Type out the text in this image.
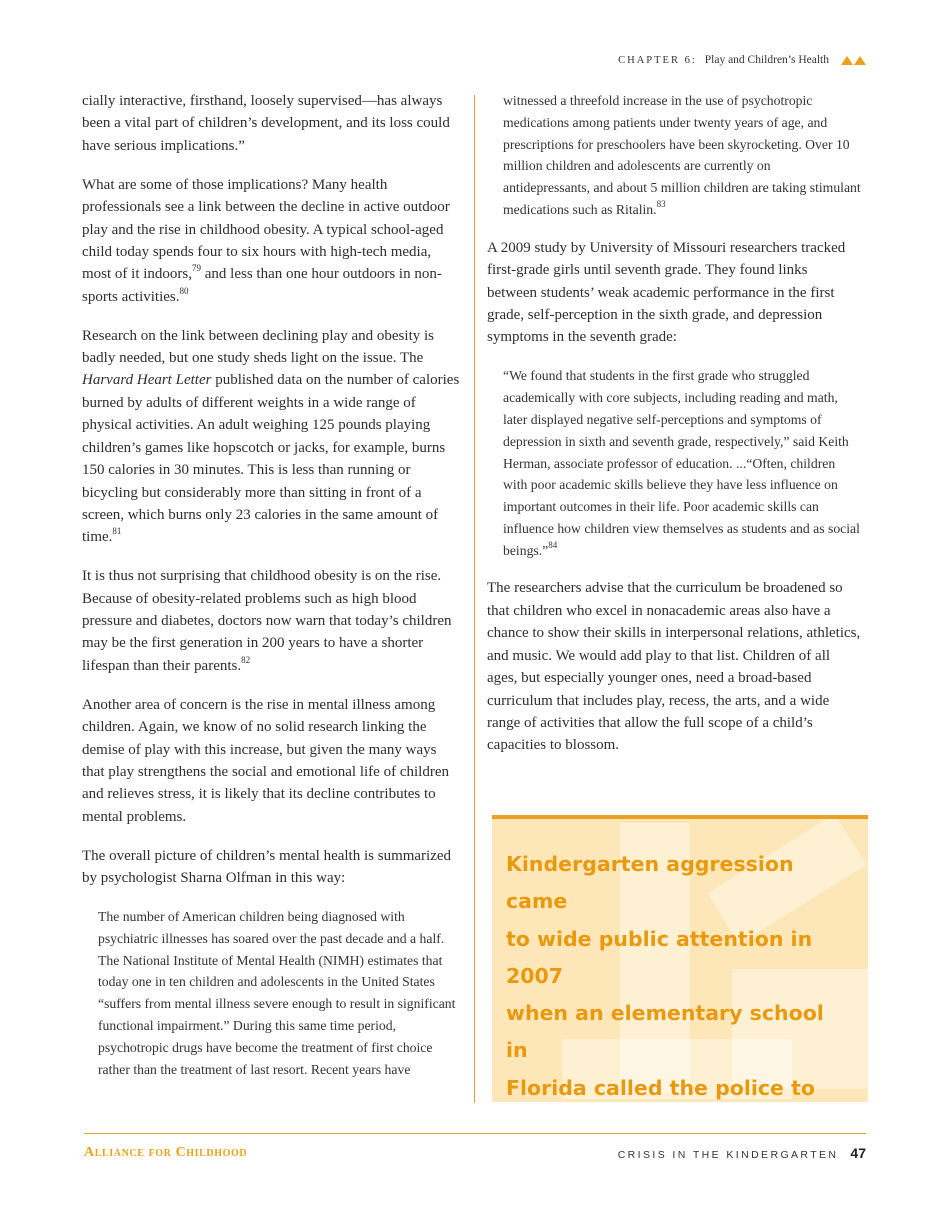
CHAPTER 6: Play and Children’s Health

cially interactive, firsthand, loosely supervised—has always been a vital part of children’s development, and its loss could have serious implications.”

What are some of those implications? Many health professionals see a link between the decline in active outdoor play and the rise in childhood obesity. A typical school-aged child today spends four to six hours with high-tech media, most of it indoors,$^{79}$ and less than one hour outdoors in non-sports activities.$^{80}$

Research on the link between declining play and obesity is badly needed, but one study sheds light on the issue. The Harvard Heart Letter published data on the number of calories burned by adults of different weights in a wide range of physical activities. An adult weighing 125 pounds playing children’s games like hopscotch or jacks, for example, burns 150 calories in 30 minutes. This is less than running or bicycling but considerably more than sitting in front of a screen, which burns only 23 calories in the same amount of time.$^{81}$

It is thus not surprising that childhood obesity is on the rise. Because of obesity-related problems such as high blood pressure and diabetes, doctors now warn that today’s children may be the first generation in 200 years to have a shorter lifespan than their parents.$^{82}$

Another area of concern is the rise in mental illness among children. Again, we know of no solid research linking the demise of play with this increase, but given the many ways that play strengthens the social and emotional life of children and relieves stress, it is likely that its decline contributes to mental problems.

The overall picture of children’s mental health is summarized by psychologist Sharna Olfman in this way:

The number of American children being diagnosed with psychiatric illnesses has soared over the past decade and a half. The National Institute of Mental Health (NIMH) estimates that today one in ten children and adolescents in the United States “suffers from mental illness severe enough to result in significant functional impairment.” During this same time period, psychotropic drugs have become the treatment of first choice rather than the treatment of last resort. Recent years have
witnessed a threefold increase in the use of psychotropic medications among patients under twenty years of age, and prescriptions for preschoolers have been skyrocketing. Over 10 million children and adolescents are currently on antidepressants, and about 5 million children are taking stimulant medications such as Ritalin.$^{83}$

A 2009 study by University of Missouri researchers tracked first-grade girls until seventh grade. They found links between students’ weak academic performance in the first grade, self-perception in the sixth grade, and depression symptoms in the seventh grade:

“We found that students in the first grade who struggled academically with core subjects, including reading and math, later displayed negative self-perceptions and symptoms of depression in sixth and seventh grade, respectively,” said Keith Herman, associate professor of education. ...“Often, children with poor academic skills believe they have less influence on important outcomes in their life. Poor academic skills can influence how children view themselves as students and as social beings.”$^{84}$

The researchers advise that the curriculum be broadened so that children who excel in nonacademic areas also have a chance to show their skills in interpersonal relations, athletics, and music. We would add play to that list. Children of all ages, but especially younger ones, need a broad-based curriculum that includes play, recess, the arts, and a wide range of activities that allow the full scope of a child’s capacities to blossom.

Kindergarten aggression came
to wide public attention in 2007
when an elementary school in
Florida called the police to
Alliance for Childhood	CRISIS IN THE KINDERGARTEN 47
